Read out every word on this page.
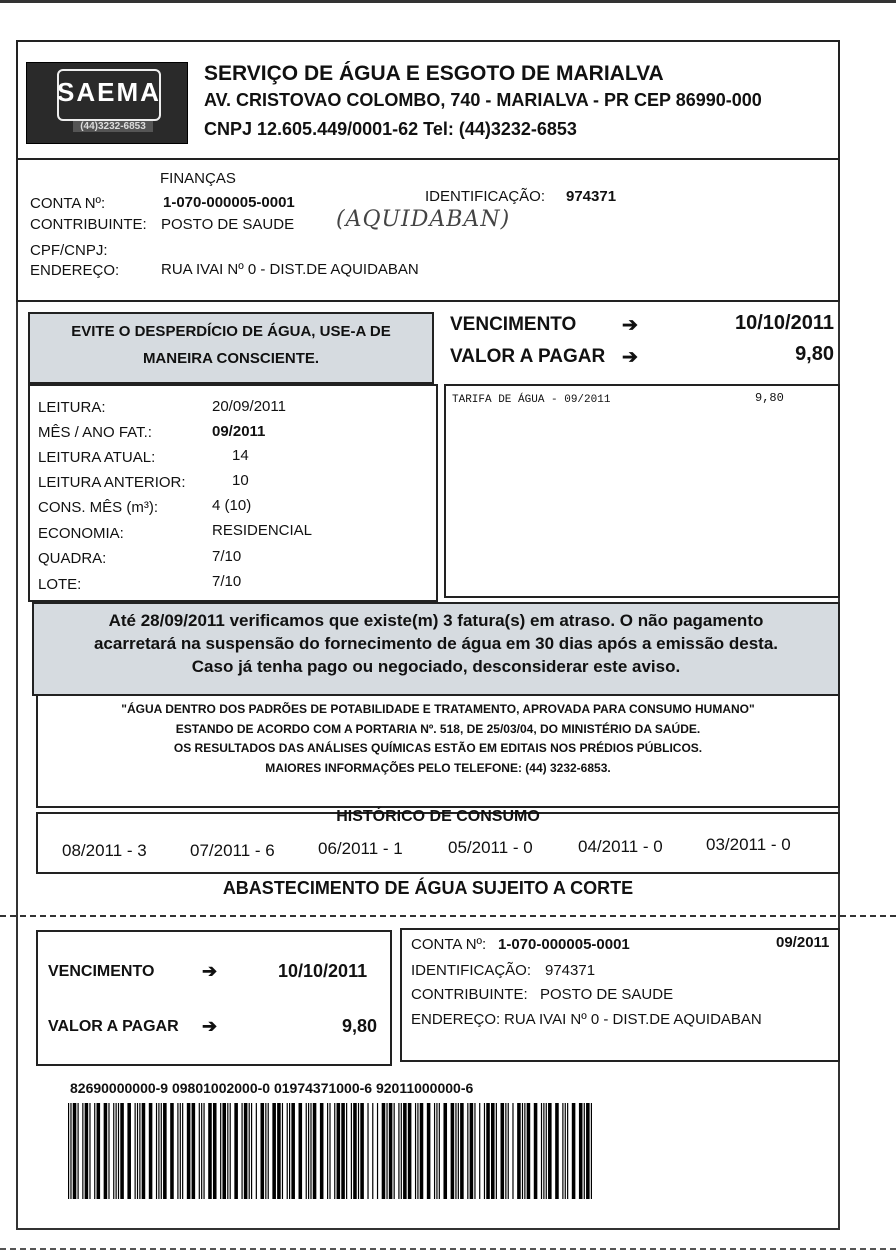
SAEMA
(44)3232-6853
SERVIÇO DE ÁGUA E ESGOTO DE MARIALVA
AV. CRISTOVAO COLOMBO, 740 - MARIALVA - PR CEP 86990-000
CNPJ 12.605.449/0001-62 Tel: (44)3232-6853
FINANÇAS
CONTA Nº:	1-070-000005-0001	IDENTIFICAÇÃO: 974371
CONTRIBUINTE: POSTO DE SAUDE (AQUIDABAN)
CPF/CNPJ:
ENDEREÇO:	RUA IVAI Nº 0 - DIST.DE AQUIDABAN
EVITE O DESPERDÍCIO DE ÁGUA, USE-A DE
MANEIRA CONSCIENTE.
VENCIMENTO ➔	10/10/2011
VALOR A PAGAR ➔	9,80
LEITURA:	20/09/2011
MÊS / ANO FAT.:	09/2011
LEITURA ATUAL:	14
LEITURA ANTERIOR:	10
CONS. MÊS (m³):	4 (10)
ECONOMIA:	RESIDENCIAL
QUADRA:	7/10
LOTE:	7/10
TARIFA DE ÁGUA - 09/2011	9,80
Até 28/09/2011 verificamos que existe(m) 3 fatura(s) em atraso. O não pagamento
acarretará na suspensão do fornecimento de água em 30 dias após a emissão desta.
Caso já tenha pago ou negociado, desconsiderar este aviso.
"ÁGUA DENTRO DOS PADRÕES DE POTABILIDADE E TRATAMENTO, APROVADA PARA CONSUMO HUMANO"
ESTANDO DE ACORDO COM A PORTARIA Nº. 518, DE 25/03/04, DO MINISTÉRIO DA SAÚDE.
OS RESULTADOS DAS ANÁLISES QUÍMICAS ESTÃO EM EDITAIS NOS PRÉDIOS PÚBLICOS.
MAIORES INFORMAÇÕES PELO TELEFONE: (44) 3232-6853.
HISTÓRICO DE CONSUMO
08/2011 - 3	07/2011 - 6	06/2011 - 1	05/2011 - 0	04/2011 - 0	03/2011 - 0
ABASTECIMENTO DE ÁGUA SUJEITO A CORTE
VENCIMENTO	➔	10/10/2011
VALOR A PAGAR ➔	9,80
CONTA Nº: 1-070-000005-0001	09/2011
IDENTIFICAÇÃO: 974371
CONTRIBUINTE: POSTO DE SAUDE
ENDEREÇO: RUA IVAI Nº 0 - DIST.DE AQUIDABAN
82690000000-9 09801002000-0 01974371000-6 92011000000-6
